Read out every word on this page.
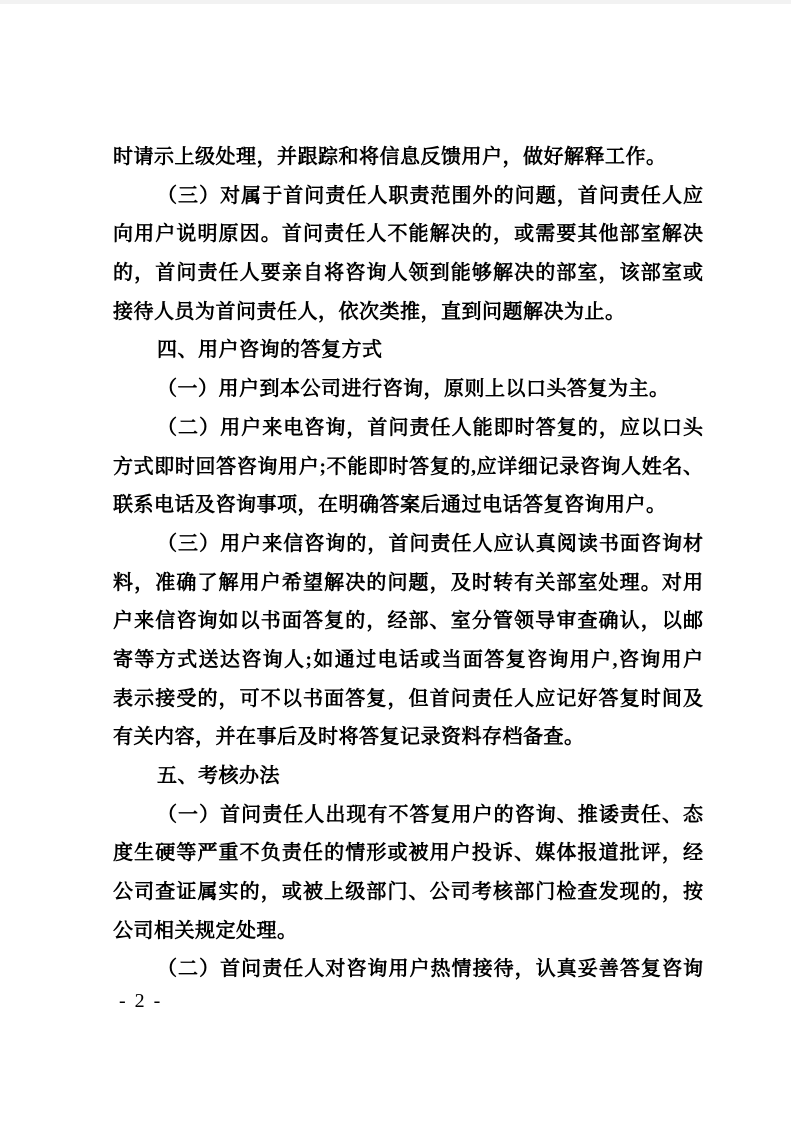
时请示上级处理，并跟踪和将信息反馈用户，做好解释工作。
（三）对属于首问责任人职责范围外的问题，首问责任人应
向用户说明原因。首问责任人不能解决的，或需要其他部室解决
的，首问责任人要亲自将咨询人领到能够解决的部室，该部室或
接待人员为首问责任人，依次类推，直到问题解决为止。
四、用户咨询的答复方式
（一）用户到本公司进行咨询，原则上以口头答复为主。
（二）用户来电咨询，首问责任人能即时答复的，应以口头
方式即时回答咨询用户;不能即时答复的,应详细记录咨询人姓名、
联系电话及咨询事项，在明确答案后通过电话答复咨询用户。
（三）用户来信咨询的，首问责任人应认真阅读书面咨询材
料，准确了解用户希望解决的问题，及时转有关部室处理。对用
户来信咨询如以书面答复的，经部、室分管领导审查确认，以邮
寄等方式送达咨询人;如通过电话或当面答复咨询用户,咨询用户
表示接受的，可不以书面答复，但首问责任人应记好答复时间及
有关内容，并在事后及时将答复记录资料存档备查。
五、考核办法
（一）首问责任人出现有不答复用户的咨询、推诿责任、态
度生硬等严重不负责任的情形或被用户投诉、媒体报道批评，经
公司查证属实的，或被上级部门、公司考核部门检查发现的，按
公司相关规定处理。
（二）首问责任人对咨询用户热情接待，认真妥善答复咨询
- 2 -
